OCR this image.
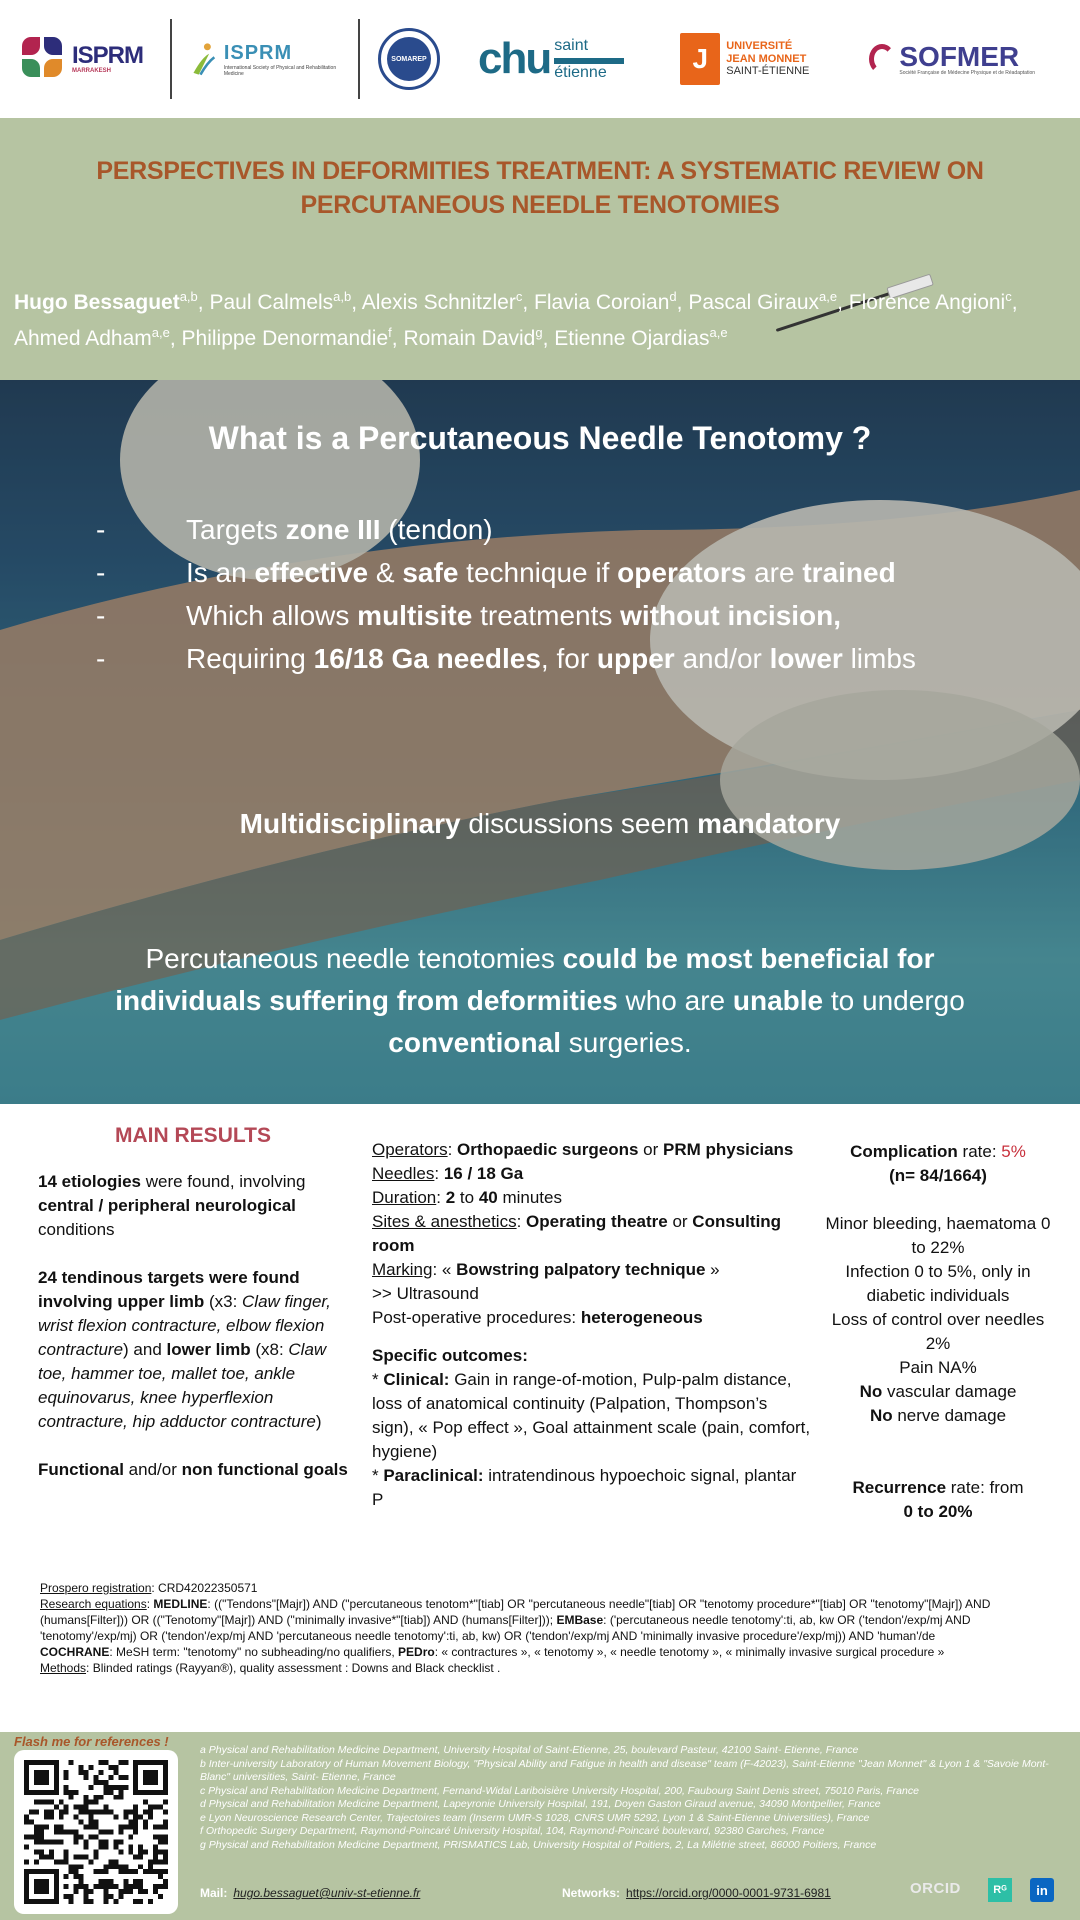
ISPRM
MARRAKESH
ISPRM
International Society of Physical and Rehabilitation Medicine
SOMAREP chu saint
étienne	J	UNIVERSITÉ
JEAN MONNET
SAINT-ÉTIENNE	SOFMER
Société Française de Médecine Physique et de Réadaptation
PERSPECTIVES IN DEFORMITIES TREATMENT: A SYSTEMATIC REVIEW ON
PERCUTANEOUS NEEDLE TENOTOMIES
Hugo Bessaguet$^{a,b}$, Paul Calmels$^{a,b}$, Alexis Schnitzler$^c$, Flavia Coroian$^d$, Pascal Giraux$^{a,e}$, Florence Angioni$^c$, Ahmed Adham$^{a,e}$, Philippe Denormandie$^f$, Romain David$^g$, Etienne Ojardias$^{a,e}$
What is a Percutaneous Needle Tenotomy ?
-	Targets zone III (tendon)
-	Is an effective & safe technique if operators are trained
-	Which allows multisite treatments without incision,
-	Requiring 16/18 Ga needles, for upper and/or lower limbs
Multidisciplinary discussions seem mandatory
Percutaneous needle tenotomies could be most beneficial for individuals suffering from deformities who are unable to undergo conventional surgeries.
MAIN RESULTS

14 etiologies were found, involving central / peripheral neurological conditions

24 tendinous targets were found involving upper limb (x3: Claw finger, wrist flexion contracture, elbow flexion contracture) and lower limb (x8: Claw toe, hammer toe, mallet toe, ankle equinovarus, knee hyperflexion contracture, hip adductor contracture)

Functional and/or non functional goals

Operators: Orthopaedic surgeons or PRM physicians
Needles: 16 / 18 Ga
Duration: 2 to 40 minutes
Sites & anesthetics: Operating theatre or Consulting room
Marking: « Bowstring palpatory technique »
>> Ultrasound
Post-operative procedures: heterogeneous
Specific outcomes:
* Clinical: Gain in range-of-motion, Pulp-palm distance, loss of anatomical continuity (Palpation, Thompson’s sign), « Pop effect », Goal attainment scale (pain, comfort, hygiene)
* Paraclinical: intratendinous hypoechoic signal, plantar P
Complication rate: 5%
(n= 84/1664)
Minor bleeding, haematoma 0 to 22%
Infection 0 to 5%, only in diabetic individuals
Loss of control over needles 2%
Pain NA%
No vascular damage
No nerve damage
Recurrence rate: from
0 to 20%
Prospero registration: CRD42022350571
Research equations: MEDLINE: (("Tendons"[Majr]) AND ("percutaneous tenotom*"[tiab] OR "percutaneous needle"[tiab] OR "tenotomy procedure*"[tiab] OR "tenotomy"[Majr]) AND (humans[Filter])) OR (("Tenotomy"[Majr]) AND ("minimally invasive*"[tiab]) AND (humans[Filter])); EMBase: ('percutaneous needle tenotomy':ti, ab, kw OR ('tendon'/exp/mj AND 'tenotomy'/exp/mj) OR ('tendon'/exp/mj AND 'percutaneous needle tenotomy':ti, ab, kw) OR ('tendon'/exp/mj AND 'minimally invasive procedure'/exp/mj)) AND 'human'/de
COCHRANE: MeSH term: "tenotomy" no subheading/no qualifiers, PEDro: « contractures », « tenotomy », « needle tenotomy », « minimally invasive surgical procedure »
Methods: Blinded ratings (Rayyan®), quality assessment : Downs and Black checklist .
Flash me for references !
a Physical and Rehabilitation Medicine Department, University Hospital of Saint-Etienne, 25, boulevard Pasteur, 42100 Saint- Etienne, France
b Inter-university Laboratory of Human Movement Biology, "Physical Ability and Fatigue in health and disease" team (F-42023), Saint-Etienne "Jean Monnet" & Lyon 1 & "Savoie Mont-Blanc" universities, Saint- Etienne, France
c Physical and Rehabilitation Medicine Department, Fernand-Widal Lariboisière University Hospital, 200, Faubourg Saint Denis street, 75010 Paris, France
d Physical and Rehabilitation Medicine Department, Lapeyronie University Hospital, 191, Doyen Gaston Giraud avenue, 34090 Montpellier, France
e Lyon Neuroscience Research Center, Trajectoires team (Inserm UMR-S 1028, CNRS UMR 5292, Lyon 1 & Saint-Etienne Universities), France
f Orthopedic Surgery Department, Raymond-Poincaré University Hospital, 104, Raymond-Poincaré boulevard, 92380 Garches, France
g Physical and Rehabilitation Medicine Department, PRISMATICS Lab, University Hospital of Poitiers, 2, La Milétrie street, 86000 Poitiers, France
Mail: hugo.bessaguet@univ-st-etienne.fr	Networks: https://orcid.org/0000-0001-9731-6981	ORCID	Rᴳ	in
